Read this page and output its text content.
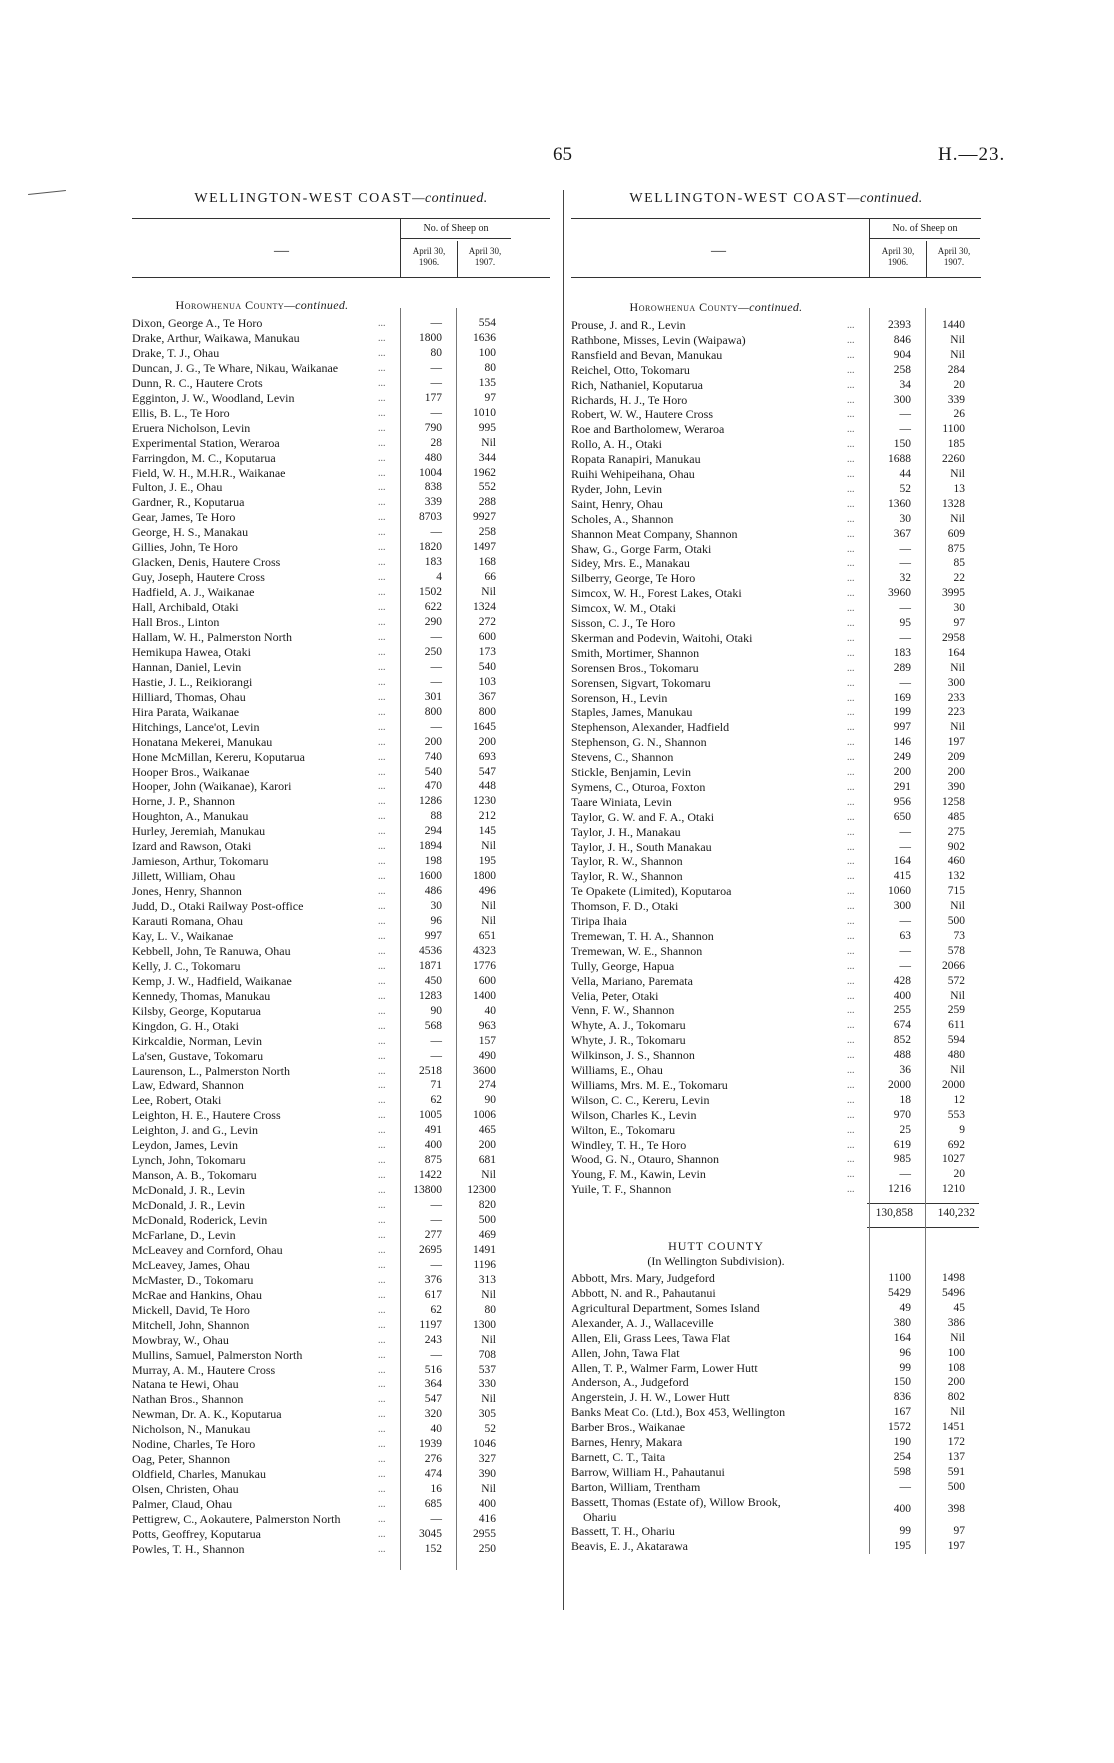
65	H.—23.
WELLINGTON-WEST COAST—continued.
—
No. of Sheep on
April 30, 1906.
April 30, 1907.
Horowhenua County—continued.
Dixon, George A., Te Horo	...	—	554
Drake, Arthur, Waikawa, Manukau	...	1800	1636
Drake, T. J., Ohau	...	80	100
Duncan, J. G., Te Whare, Nikau, Waikanae	...	—	80
Dunn, R. C., Hautere Crots	...	—	135
Egginton, J. W., Woodland, Levin	...	177	97
Ellis, B. L., Te Horo	...	—	1010
Eruera Nicholson, Levin	...	790	995
Experimental Station, Weraroa	...	28	Nil
Farringdon, M. C., Koputarua	...	480	344
Field, W. H., M.H.R., Waikanae	...	1004	1962
Fulton, J. E., Ohau	...	838	552
Gardner, R., Koputarua	...	339	288
Gear, James, Te Horo	...	8703	9927
George, H. S., Manakau	...	—	258
Gillies, John, Te Horo	...	1820	1497
Glacken, Denis, Hautere Cross	...	183	168
Guy, Joseph, Hautere Cross	...	4	66
Hadfield, A. J., Waikanae	...	1502	Nil
Hall, Archibald, Otaki	...	622	1324
Hall Bros., Linton	...	290	272
Hallam, W. H., Palmerston North	...	—	600
Hemikupa Hawea, Otaki	...	250	173
Hannan, Daniel, Levin	...	—	540
Hastie, J. L., Reikiorangi	...	—	103
Hilliard, Thomas, Ohau	...	301	367
Hira Parata, Waikanae	...	800	800
Hitchings, Lance'ot, Levin	...	—	1645
Honatana Mekerei, Manukau	...	200	200
Hone McMillan, Kereru, Koputarua	...	740	693
Hooper Bros., Waikanae	...	540	547
Hooper, John (Waikanae), Karori	...	470	448
Horne, J. P., Shannon	...	1286	1230
Houghton, A., Manukau	...	88	212
Hurley, Jeremiah, Manukau	...	294	145
Izard and Rawson, Otaki	...	1894	Nil
Jamieson, Arthur, Tokomaru	...	198	195
Jillett, William, Ohau	...	1600	1800
Jones, Henry, Shannon	...	486	496
Judd, D., Otaki Railway Post-office	...	30	Nil
Karauti Romana, Ohau	...	96	Nil
Kay, L. V., Waikanae	...	997	651
Kebbell, John, Te Ranuwa, Ohau	...	4536	4323
Kelly, J. C., Tokomaru	...	1871	1776
Kemp, J. W., Hadfield, Waikanae	...	450	600
Kennedy, Thomas, Manukau	...	1283	1400
Kilsby, George, Koputarua	...	90	40
Kingdon, G. H., Otaki	...	568	963
Kirkcaldie, Norman, Levin	...	—	157
La'sen, Gustave, Tokomaru	...	—	490
Laurenson, L., Palmerston North	...	2518	3600
Law, Edward, Shannon	...	71	274
Lee, Robert, Otaki	...	62	90
Leighton, H. E., Hautere Cross	...	1005	1006
Leighton, J. and G., Levin	...	491	465
Leydon, James, Levin	...	400	200
Lynch, John, Tokomaru	...	875	681
Manson, A. B., Tokomaru	...	1422	Nil
McDonald, J. R., Levin	...	13800	12300
McDonald, J. R., Levin	...	—	820
McDonald, Roderick, Levin	...	—	500
McFarlane, D., Levin	...	277	469
McLeavey and Cornford, Ohau	...	2695	1491
McLeavey, James, Ohau	...	—	1196
McMaster, D., Tokomaru	...	376	313
McRae and Hankins, Ohau	...	617	Nil
Mickell, David, Te Horo	...	62	80
Mitchell, John, Shannon	...	1197	1300
Mowbray, W., Ohau	...	243	Nil
Mullins, Samuel, Palmerston North	...	—	708
Murray, A. M., Hautere Cross	...	516	537
Natana te Hewi, Ohau	...	364	330
Nathan Bros., Shannon	...	547	Nil
Newman, Dr. A. K., Koputarua	...	320	305
Nicholson, N., Manukau	...	40	52
Nodine, Charles, Te Horo	...	1939	1046
Oag, Peter, Shannon	...	276	327
Oldfield, Charles, Manukau	...	474	390
Olsen, Christen, Ohau	...	16	Nil
Palmer, Claud, Ohau	...	685	400
Pettigrew, C., Aokautere, Palmerston North	...	—	416
Potts, Geoffrey, Koputarua	...	3045	2955
Powles, T. H., Shannon	...	152	250
WELLINGTON-WEST COAST—continued.
—
No. of Sheep on
April 30, 1906.
April 30, 1907.
Horowhenua County—continued.
Prouse, J. and R., Levin	...	2393	1440
Rathbone, Misses, Levin (Waipawa)	...	846	Nil
Ransfield and Bevan, Manukau	...	904	Nil
Reichel, Otto, Tokomaru	...	258	284
Rich, Nathaniel, Koputarua	...	34	20
Richards, H. J., Te Horo	...	300	339
Robert, W. W., Hautere Cross	...	—	26
Roe and Bartholomew, Weraroa	...	—	1100
Rollo, A. H., Otaki	...	150	185
Ropata Ranapiri, Manukau	...	1688	2260
Ruihi Wehipeihana, Ohau	...	44	Nil
Ryder, John, Levin	...	52	13
Saint, Henry, Ohau	...	1360	1328
Scholes, A., Shannon	...	30	Nil
Shannon Meat Company, Shannon	...	367	609
Shaw, G., Gorge Farm, Otaki	...	—	875
Sidey, Mrs. E., Manakau	...	—	85
Silberry, George, Te Horo	...	32	22
Simcox, W. H., Forest Lakes, Otaki	...	3960	3995
Simcox, W. M., Otaki	...	—	30
Sisson, C. J., Te Horo	...	95	97
Skerman and Podevin, Waitohi, Otaki	...	—	2958
Smith, Mortimer, Shannon	...	183	164
Sorensen Bros., Tokomaru	...	289	Nil
Sorensen, Sigvart, Tokomaru	...	—	300
Sorenson, H., Levin	...	169	233
Staples, James, Manukau	...	199	223
Stephenson, Alexander, Hadfield	...	997	Nil
Stephenson, G. N., Shannon	...	146	197
Stevens, C., Shannon	...	249	209
Stickle, Benjamin, Levin	...	200	200
Symens, C., Oturoa, Foxton	...	291	390
Taare Winiata, Levin	...	956	1258
Taylor, G. W. and F. A., Otaki	...	650	485
Taylor, J. H., Manakau	...	—	275
Taylor, J. H., South Manakau	...	—	902
Taylor, R. W., Shannon	...	164	460
Taylor, R. W., Shannon	...	415	132
Te Opakete (Limited), Koputaroa	...	1060	715
Thomson, F. D., Otaki	...	300	Nil
Tiripa Ihaia	...	—	500
Tremewan, T. H. A., Shannon	...	63	73
Tremewan, W. E., Shannon	...	—	578
Tully, George, Hapua	...	—	2066
Vella, Mariano, Paremata	...	428	572
Velia, Peter, Otaki	...	400	Nil
Venn, F. W., Shannon	...	255	259
Whyte, A. J., Tokomaru	...	674	611
Whyte, J. R., Tokomaru	...	852	594
Wilkinson, J. S., Shannon	...	488	480
Williams, E., Ohau	...	36	Nil
Williams, Mrs. M. E., Tokomaru	...	2000	2000
Wilson, C. C., Kereru, Levin	...	18	12
Wilson, Charles K., Levin	...	970	553
Wilton, E., Tokomaru	...	25	9
Windley, T. H., Te Horo	...	619	692
Wood, G. N., Otauro, Shannon	...	985	1027
Young, F. M., Kawin, Levin	...	—	20
Yuile, T. F., Shannon	...	1216	1210
130,858	140,232
HUTT COUNTY
(In Wellington Subdivision).
Abbott, Mrs. Mary, Judgeford	1100	1498
Abbott, N. and R., Pahautanui	5429	5496
Agricultural Department, Somes Island	49	45
Alexander, A. J., Wallaceville	380	386
Allen, Eli, Grass Lees, Tawa Flat	164	Nil
Allen, John, Tawa Flat	96	100
Allen, T. P., Walmer Farm, Lower Hutt	99	108
Anderson, A., Judgeford	150	200
Angerstein, J. H. W., Lower Hutt	836	802
Banks Meat Co. (Ltd.), Box 453, Wellington	167	Nil
Barber Bros., Waikanae	1572	1451
Barnes, Henry, Makara	190	172
Barnett, C. T., Taita	254	137
Barrow, William H., Pahautanui	598	591
Barton, William, Trentham	—	500
Bassett, Thomas (Estate of), Willow Brook,	400	398
Ohariu
Bassett, T. H., Ohariu	99	97
Beavis, E. J., Akatarawa	195	197
